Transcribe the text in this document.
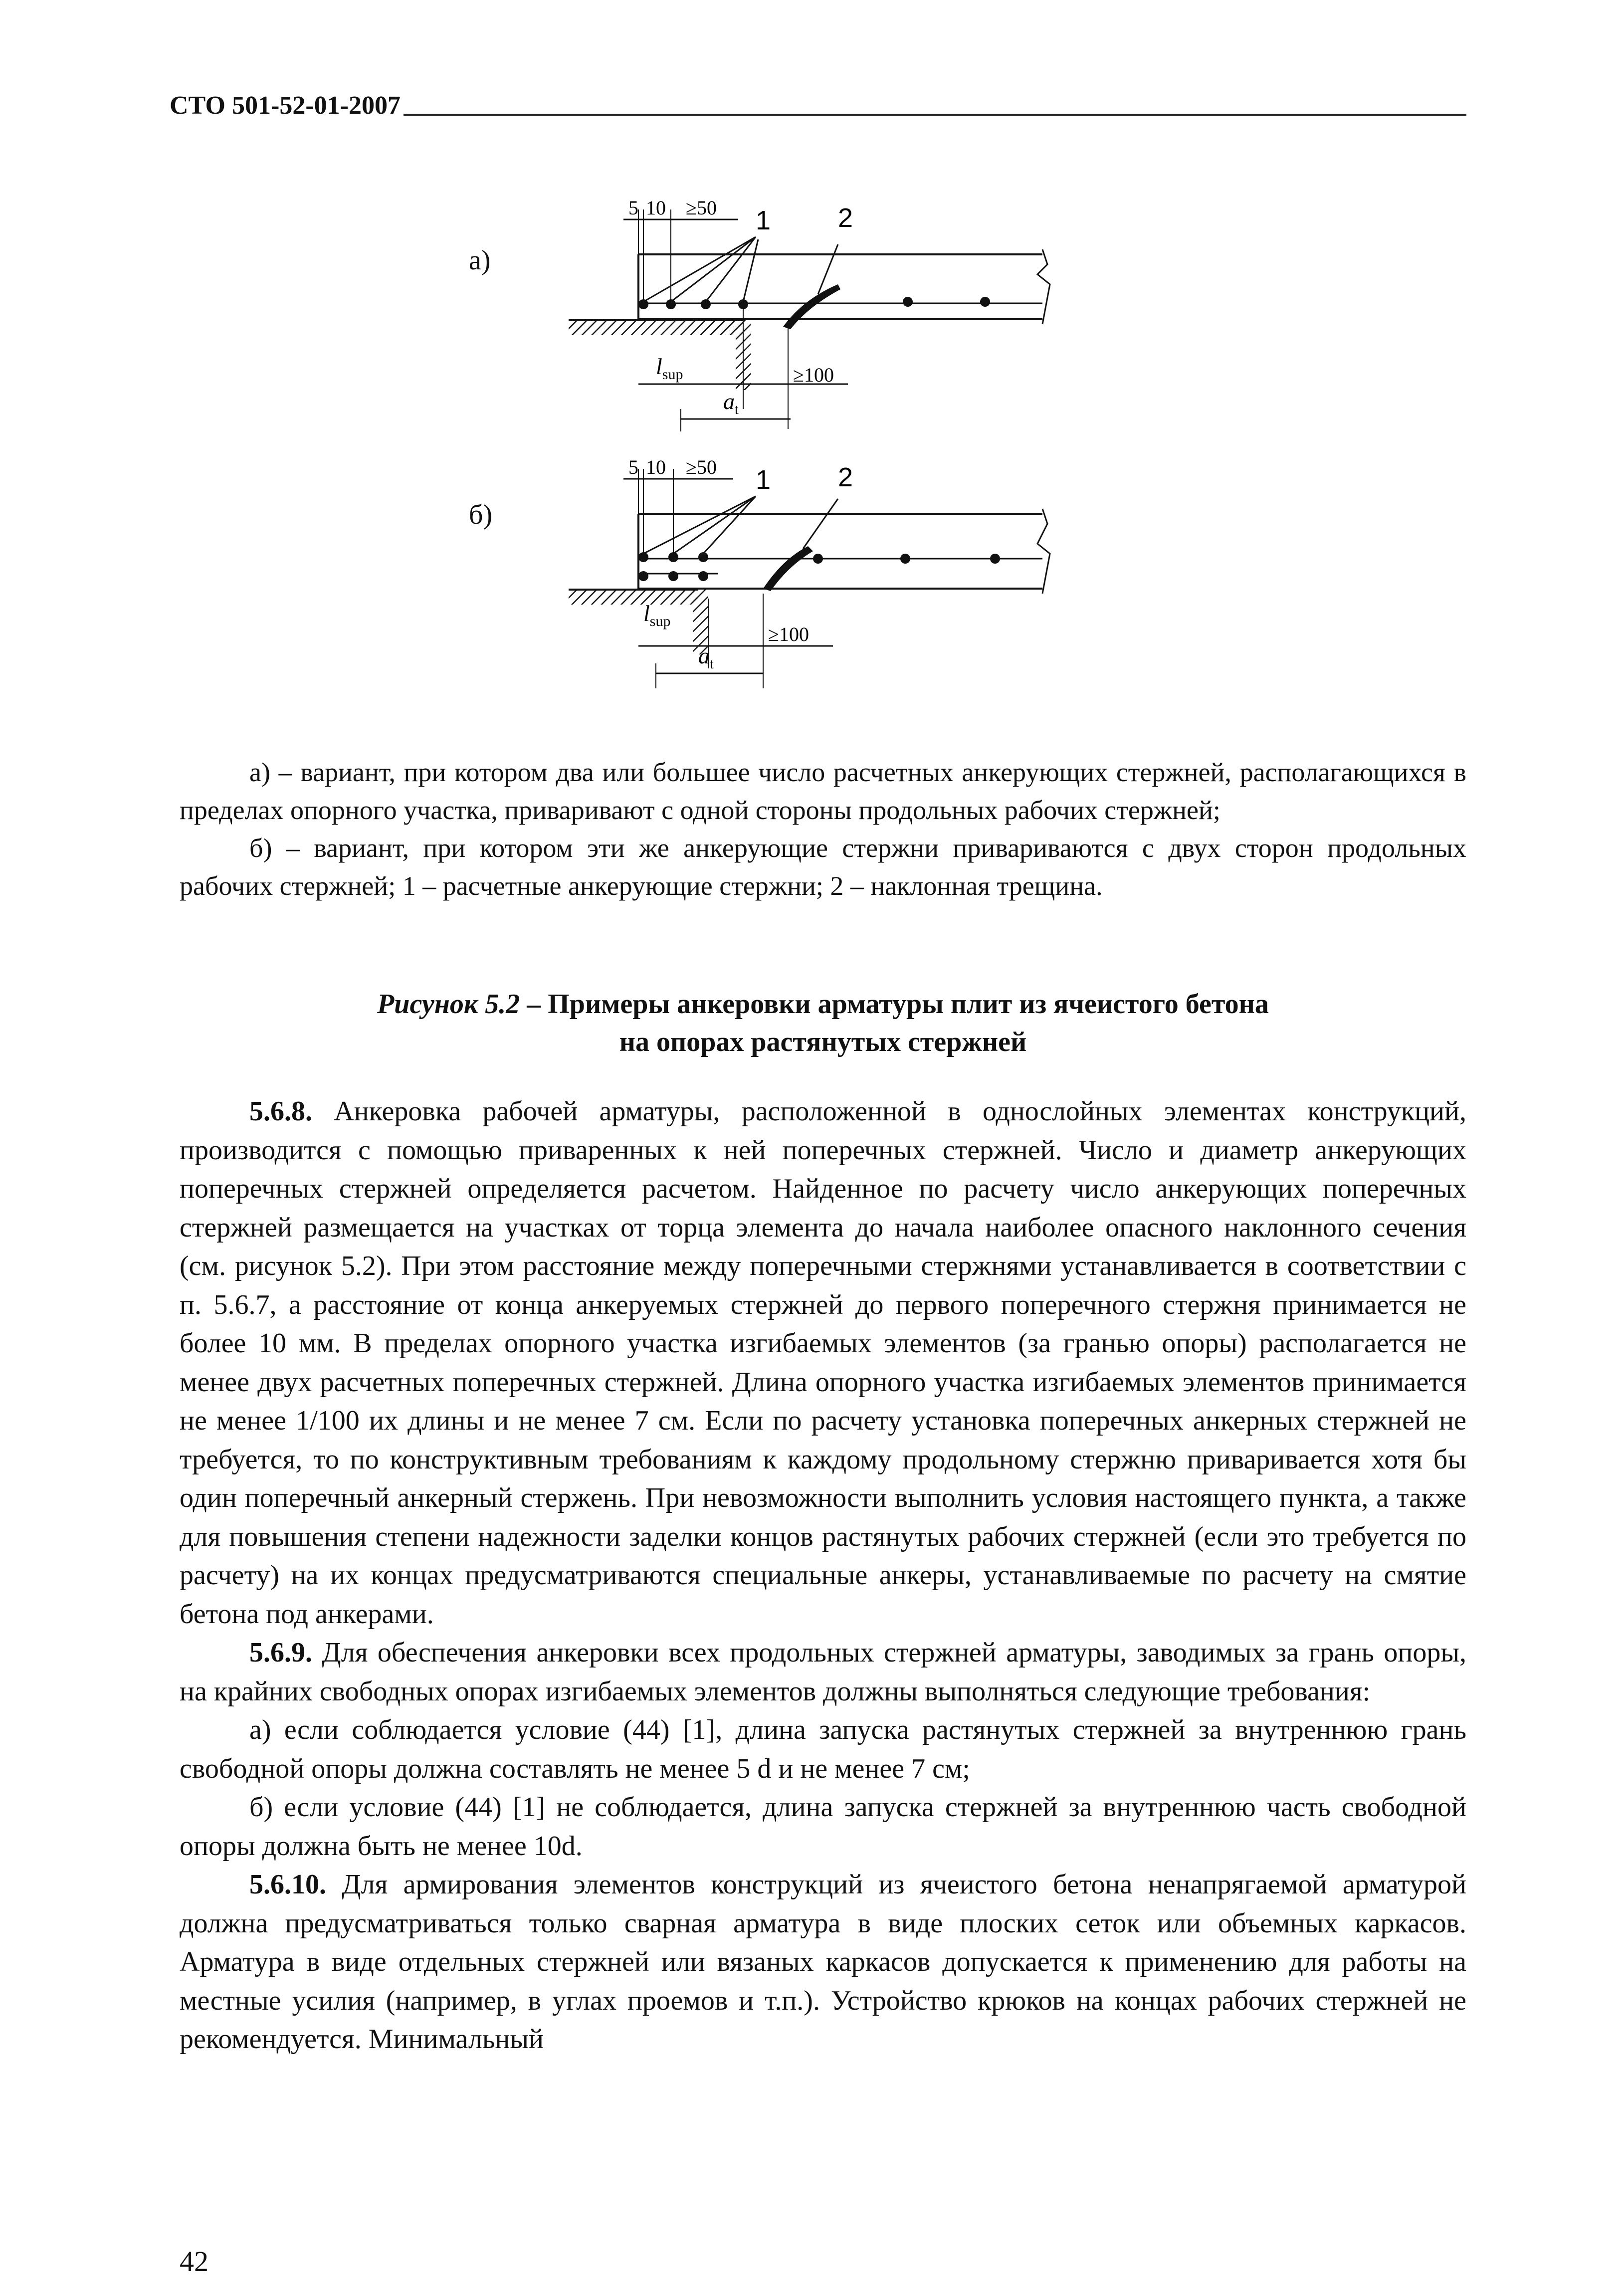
СТО 501-52-01-2007
а)
5 10 ≥50 1 2
$l_{sup}$	≥100
$a_t$
б)
5 10 ≥50 1 2
$l_{sup}$
≥100
$a_t$

а) – вариант, при котором два или большее число расчетных анкерующих стержней, располагающихся в пределах опорного участка, приваривают с одной стороны продольных рабочих стержней;

б) – вариант, при котором эти же анкерующие стержни привариваются с двух сторон продольных рабочих стержней; 1 – расчетные анкерующие стержни; 2 – наклонная трещина.

Рисунок 5.2 – Примеры анкеровки арматуры плит из ячеистого бетона
на опорах растянутых стержней

5.6.8. Анкеровка рабочей арматуры, расположенной в однослойных элементах конструкций, производится с помощью приваренных к ней поперечных стержней. Число и диаметр анкерующих поперечных стержней определяется расчетом. Найденное по расчету число анкерующих поперечных стержней размещается на участках от торца элемента до начала наиболее опасного наклонного сечения (см. рисунок 5.2). При этом расстояние между поперечными стержнями устанавливается в соответствии с п. 5.6.7, а расстояние от конца анкеруемых стержней до первого поперечного стержня принимается не более 10 мм. В пределах опорного участка изгибаемых элементов (за гранью опоры) располагается не менее двух расчетных поперечных стержней. Длина опорного участка изгибаемых элементов принимается не менее 1/100 их длины и не менее 7 см. Если по расчету установка поперечных анкерных стержней не требуется, то по конструктивным требованиям к каждому продольному стержню приваривается хотя бы один поперечный анкерный стержень. При невозможности выполнить условия настоящего пункта, а также для повышения степени надежности заделки концов растянутых рабочих стержней (если это требуется по расчету) на их концах предусматриваются специальные анкеры, устанавливаемые по расчету на смятие бетона под анкерами.

5.6.9. Для обеспечения анкеровки всех продольных стержней арматуры, заводимых за грань опоры, на крайних свободных опорах изгибаемых элементов должны выполняться следующие требования:

а) если соблюдается условие (44) [1], длина запуска растянутых стержней за внутреннюю грань свободной опоры должна составлять не менее 5 d и не менее 7 см;

б) если условие (44) [1] не соблюдается, длина запуска стержней за внутреннюю часть свободной опоры должна быть не менее 10d.

5.6.10. Для армирования элементов конструкций из ячеистого бетона ненапрягаемой арматурой должна предусматриваться только сварная арматура в виде плоских сеток или объемных каркасов. Арматура в виде отдельных стержней или вязаных каркасов допускается к применению для работы на местные усилия (например, в углах проемов и т.п.). Устройство крюков на концах рабочих стержней не рекомендуется. Минимальный

42
